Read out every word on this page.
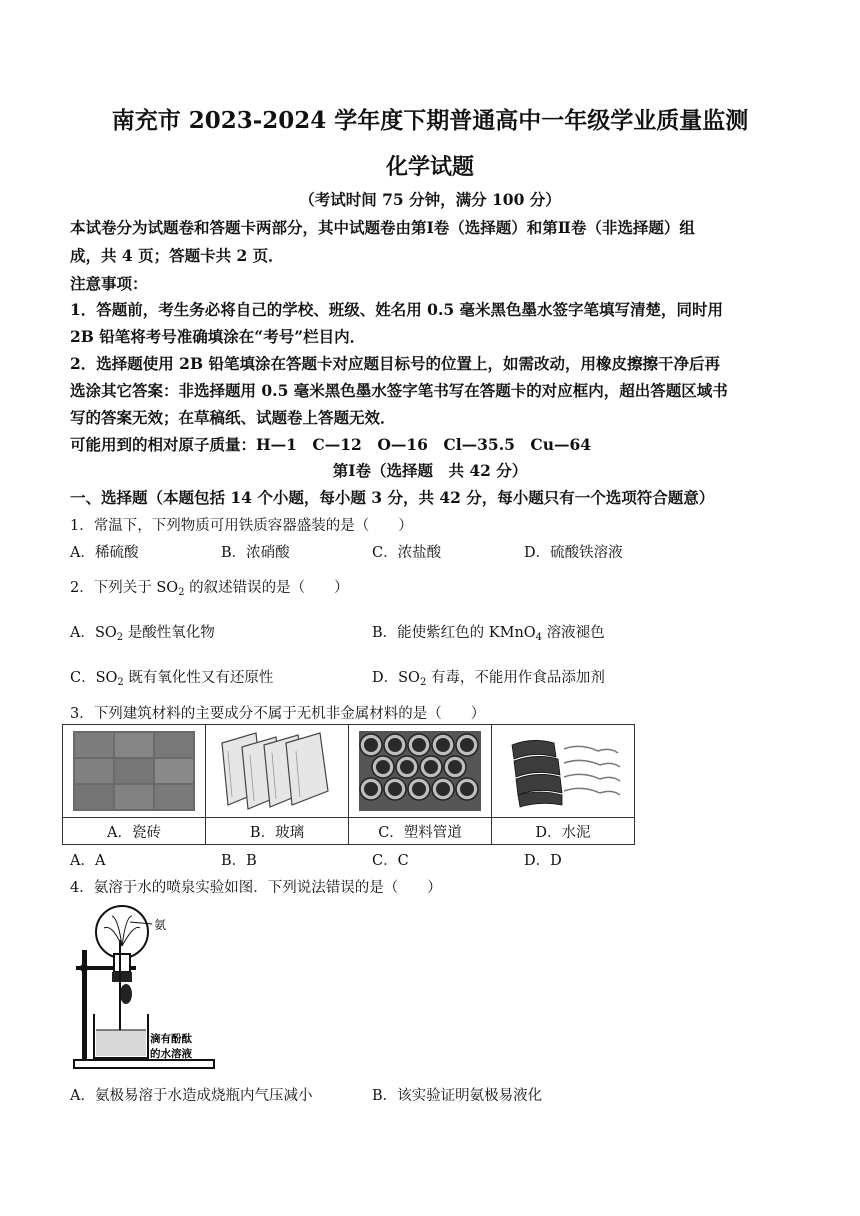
南充市 2023-2024 学年度下期普通高中一年级学业质量监测
化学试题
（考试时间 75 分钟，满分 100 分）
本试卷分为试题卷和答题卡两部分，其中试题卷由第Ⅰ卷（选择题）和第Ⅱ卷（非选择题）组
成，共 4 页；答题卡共 2 页．
注意事项：
1．答题前，考生务必将自己的学校、班级、姓名用 0.5 毫米黑色墨水签字笔填写清楚，同时用
2B 铅笔将考号准确填涂在“考号”栏目内．
2．选择题使用 2B 铅笔填涂在答题卡对应题目标号的位置上，如需改动，用橡皮擦擦干净后再
选涂其它答案：非选择题用 0.5 毫米黑色墨水签字笔书写在答题卡的对应框内，超出答题区域书
写的答案无效；在草稿纸、试题卷上答题无效．
可能用到的相对原子质量：H—1　C—12　O—16　Cl—35.5　Cu—64
第Ⅰ卷（选择题　共 42 分）
一、选择题（本题包括 14 个小题，每小题 3 分，共 42 分，每小题只有一个选项符合题意）
1．常温下，下列物质可用铁质容器盛装的是（　　）
A．稀硫酸	B．浓硝酸	C．浓盐酸	D．硫酸铁溶液
2．下列关于 $SO_2$ 的叙述错误的是（　　）
A．$SO_2$ 是酸性氧化物	B．能使紫红色的 KMnO$_4$ 溶液褪色
C．$SO_2$ 既有氧化性又有还原性	D．$SO_2$ 有毒，不能用作食品添加剂
3．下列建筑材料的主要成分不属于无机非金属材料的是（　　）

A．瓷砖	B．玻璃	C．塑料管道	D．水泥
A．A	B．B	C．C	D．D
4．氨溶于水的喷泉实验如图．下列说法错误的是（　　）
氨
滴有酚酞
的水溶液
A．氨极易溶于水造成烧瓶内气压减小	B．该实验证明氨极易液化
